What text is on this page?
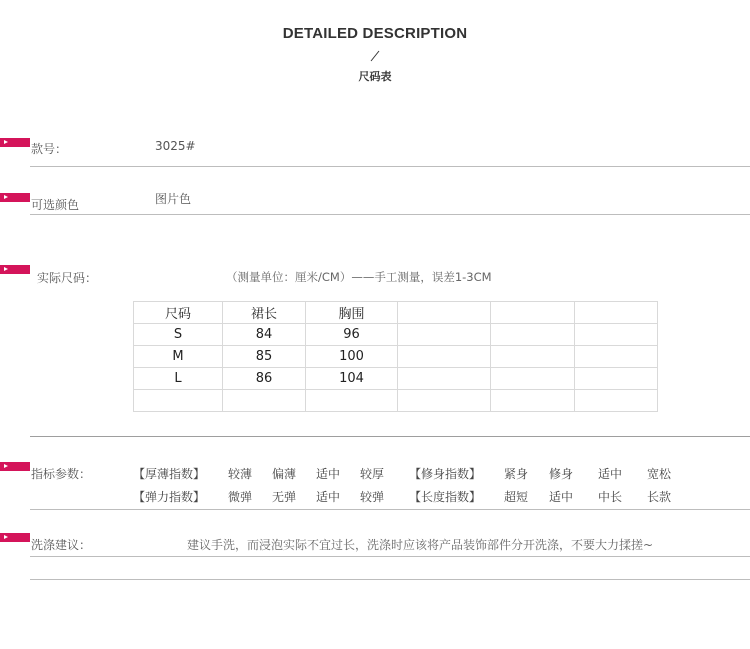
DETAILED DESCRIPTION
尺码表
款号：	3025#
可选颜色	图片色
实际尺码：	（测量单位：厘米/CM）——手工测量，误差1-3CM
尺码	裙长	胸围			
S	84	96			
M	85	100			
L	86	104			

指标参数：	【厚薄指数】 较薄 偏薄 适中 较厚 【修身指数】 紧身 修身 适中 宽松
【弹力指数】 微弹 无弹 适中 较弹 【长度指数】 超短 适中 中长 长款
洗涤建议：	建议手洗，而浸泡实际不宜过长，洗涤时应该将产品装饰部件分开洗涤，不要大力揉搓~
